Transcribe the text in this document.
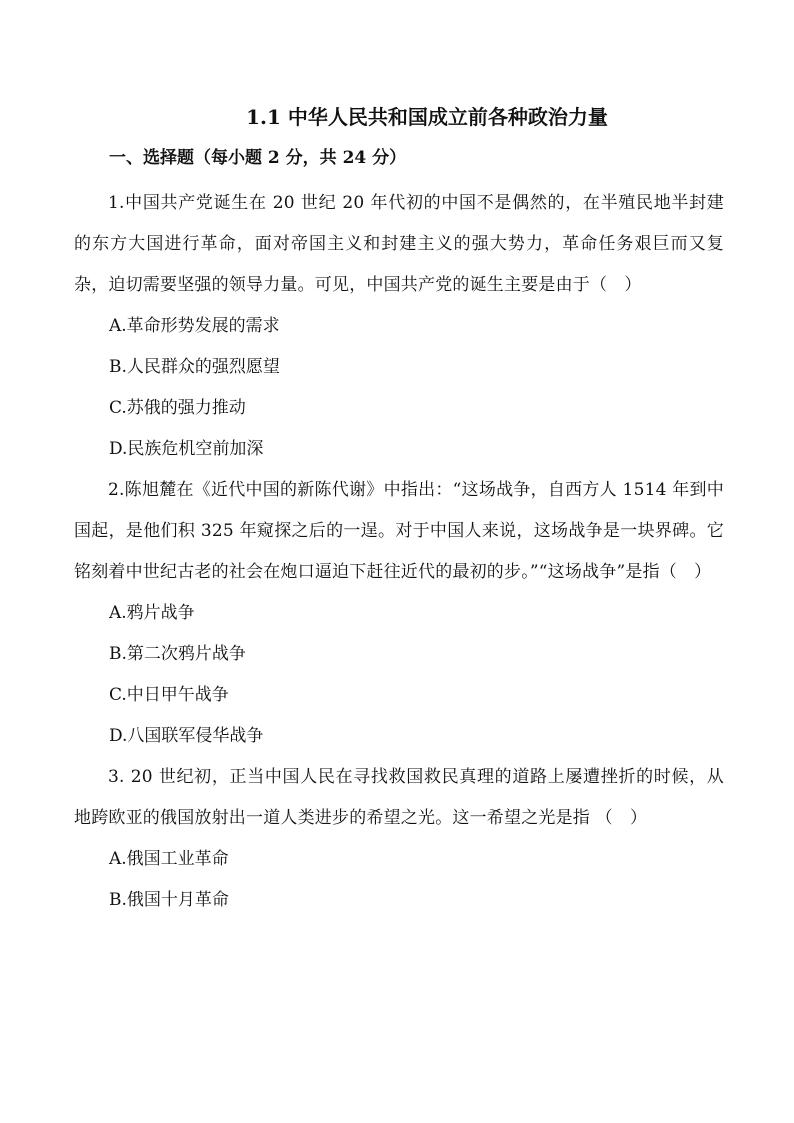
1.1 中华人民共和国成立前各种政治力量
一、选择题（每小题 2 分，共 24 分）

1.中国共产党诞生在 20 世纪 20 年代初的中国不是偶然的，在半殖民地半封建的东方大国进行革命，面对帝国主义和封建主义的强大势力，革命任务艰巨而又复杂，迫切需要坚强的领导力量。可见，中国共产党的诞生主要是由于（　）

A.革命形势发展的需求

B.人民群众的强烈愿望

C.苏俄的强力推动

D.民族危机空前加深

2.陈旭麓在《近代中国的新陈代谢》中指出：“这场战争，自西方人 1514 年到中国起，是他们积 325 年窥探之后的一逞。对于中国人来说，这场战争是一块界碑。它铭刻着中世纪古老的社会在炮口逼迫下赶往近代的最初的步。”“这场战争”是指（　）

A.鸦片战争

B.第二次鸦片战争

C.中日甲午战争

D.八国联军侵华战争

3. 20 世纪初，正当中国人民在寻找救国救民真理的道路上屡遭挫折的时候，从地跨欧亚的俄国放射出一道人类进步的希望之光。这一希望之光是指 （　）

A.俄国工业革命

B.俄国十月革命
